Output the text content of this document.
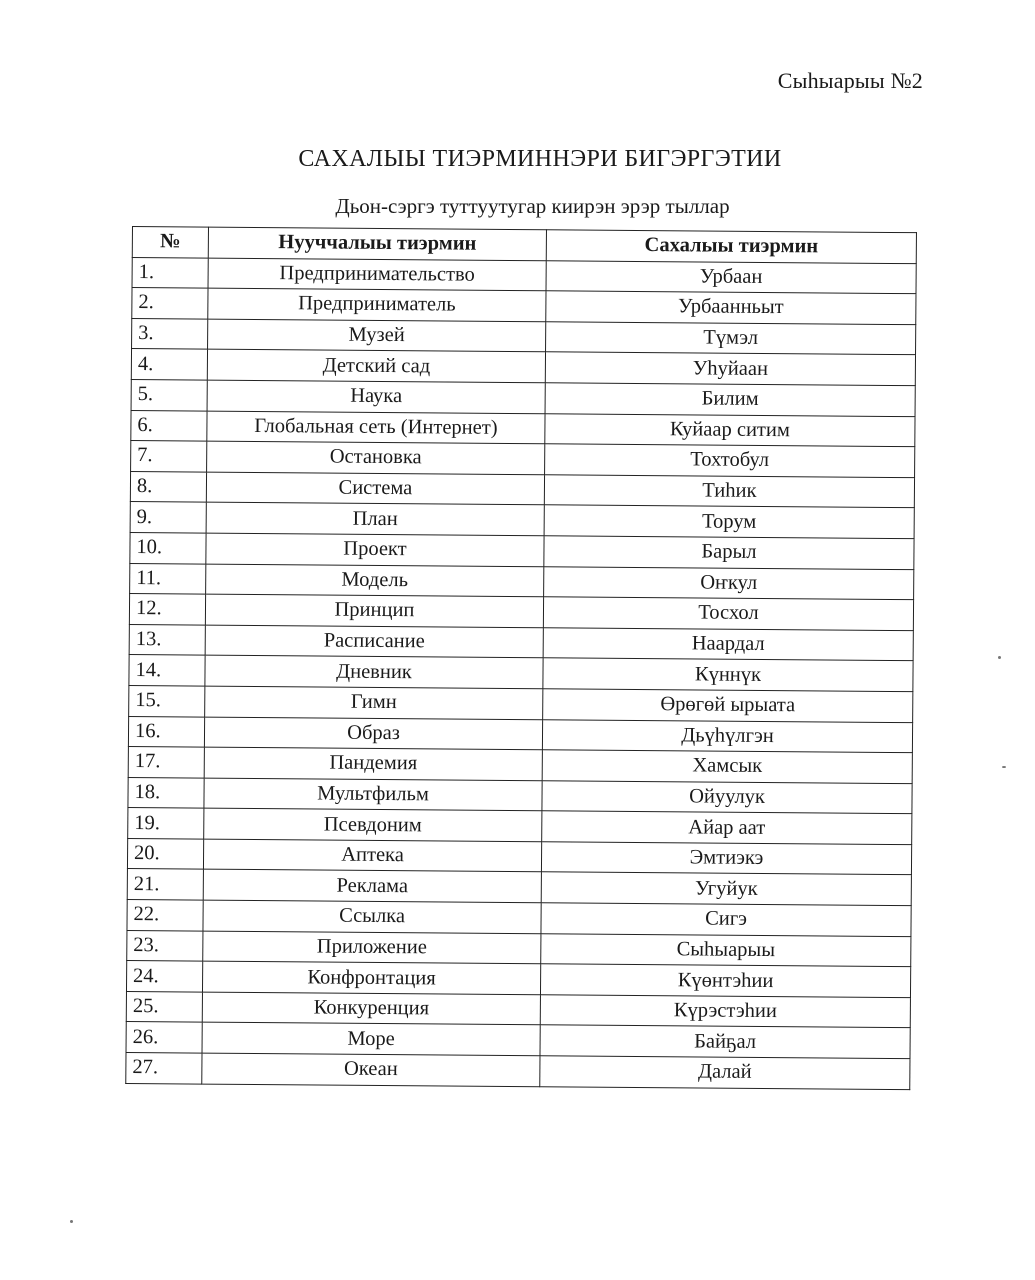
Сыһыарыы №2
САХАЛЫЫ ТИЭРМИННЭРИ БИГЭРГЭТИИ
Дьон-сэргэ туттуутугар киирэн эрэр тыллар
№	Нууччалыы тиэрмин	Сахалыы тиэрмин
1.	Предпринимательство	Урбаан
2.	Предприниматель	Урбаанньыт
3.	Музей	Түмэл
4.	Детский сад	Уһуйаан
5.	Наука	Билим
6.	Глобальная сеть (Интернет)	Куйаар ситим
7.	Остановка	Тохтобул
8.	Система	Тиһик
9.	План	Торум
10.	Проект	Барыл
11.	Модель	Оҥкул
12.	Принцип	Тосхол
13.	Расписание	Наардал
14.	Дневник	Күннүк
15.	Гимн	Өрөгөй ырыата
16.	Образ	Дьүһүлгэн
17.	Пандемия	Хамсык
18.	Мультфильм	Ойуулук
19.	Псевдоним	Айар аат
20.	Аптека	Эмтиэкэ
21.	Реклама	Угуйук
22.	Ссылка	Сигэ
23.	Приложение	Сыһыарыы
24.	Конфронтация	Күөнтэһии
25.	Конкуренция	Күрэстэһии
26.	Море	Байҕал
27.	Океан	Далай
